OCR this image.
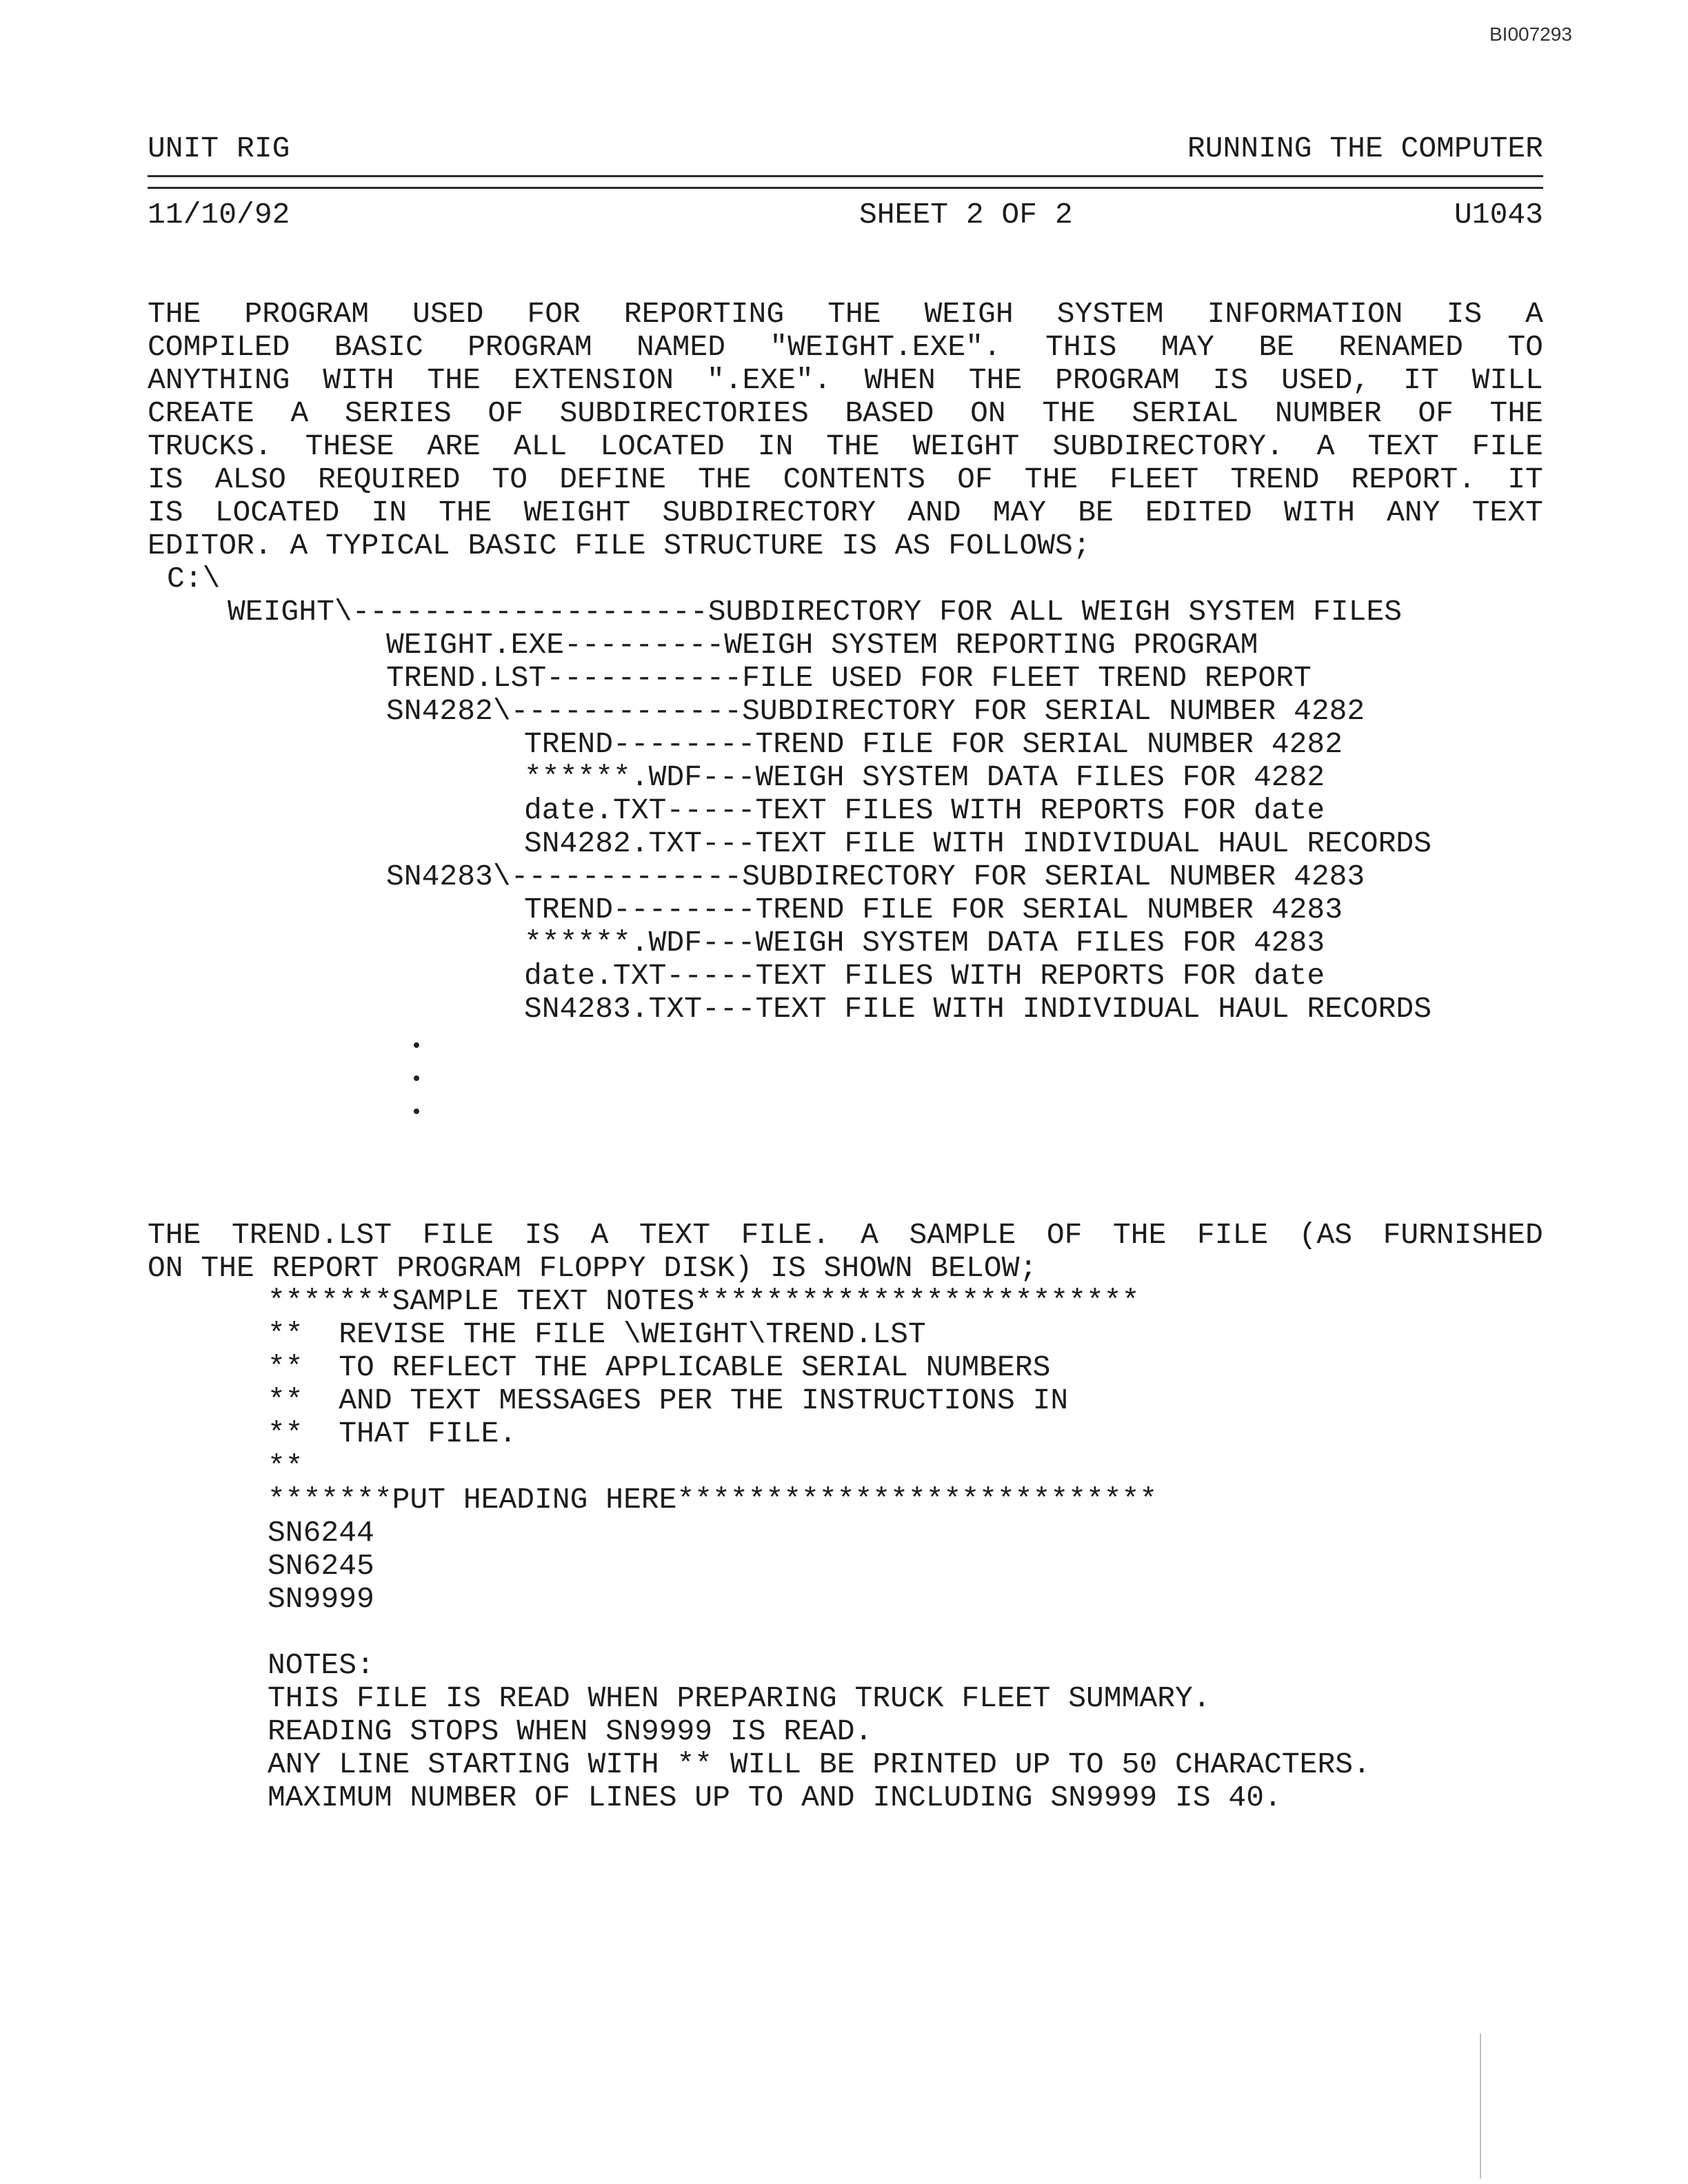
BI007293
UNIT RIG	RUNNING THE COMPUTER
11/10/92	SHEET 2 OF 2	U1043
THE PROGRAM USED FOR REPORTING THE WEIGH SYSTEM INFORMATION IS A
COMPILED BASIC PROGRAM NAMED "WEIGHT.EXE". THIS MAY BE RENAMED TO
ANYTHING WITH THE EXTENSION ".EXE". WHEN THE PROGRAM IS USED, IT WILL
CREATE A SERIES OF SUBDIRECTORIES BASED ON THE SERIAL NUMBER OF THE
TRUCKS. THESE ARE ALL LOCATED IN THE WEIGHT SUBDIRECTORY. A TEXT FILE
IS ALSO REQUIRED TO DEFINE THE CONTENTS OF THE FLEET TREND REPORT. IT
IS LOCATED IN THE WEIGHT SUBDIRECTORY AND MAY BE EDITED WITH ANY TEXT
EDITOR. A TYPICAL BASIC FILE STRUCTURE IS AS FOLLOWS;
C:\
WEIGHT\--------------------SUBDIRECTORY FOR ALL WEIGH SYSTEM FILES
WEIGHT.EXE---------WEIGH SYSTEM REPORTING PROGRAM
TREND.LST-----------FILE USED FOR FLEET TREND REPORT
SN4282\-------------SUBDIRECTORY FOR SERIAL NUMBER 4282
TREND--------TREND FILE FOR SERIAL NUMBER 4282
******.WDF---WEIGH SYSTEM DATA FILES FOR 4282
date.TXT-----TEXT FILES WITH REPORTS FOR date
SN4282.TXT---TEXT FILE WITH INDIVIDUAL HAUL RECORDS
SN4283\-------------SUBDIRECTORY FOR SERIAL NUMBER 4283
TREND--------TREND FILE FOR SERIAL NUMBER 4283
******.WDF---WEIGH SYSTEM DATA FILES FOR 4283
date.TXT-----TEXT FILES WITH REPORTS FOR date
SN4283.TXT---TEXT FILE WITH INDIVIDUAL HAUL RECORDS
THE TREND.LST FILE IS A TEXT FILE. A SAMPLE OF THE FILE (AS FURNISHED
ON THE REPORT PROGRAM FLOPPY DISK) IS SHOWN BELOW;
*******SAMPLE TEXT NOTES*************************
**  REVISE THE FILE \WEIGHT\TREND.LST
**  TO REFLECT THE APPLICABLE SERIAL NUMBERS
**  AND TEXT MESSAGES PER THE INSTRUCTIONS IN
**  THAT FILE.
**
*******PUT HEADING HERE***************************
SN6244
SN6245
SN9999
NOTES:
THIS FILE IS READ WHEN PREPARING TRUCK FLEET SUMMARY.
READING STOPS WHEN SN9999 IS READ.
ANY LINE STARTING WITH ** WILL BE PRINTED UP TO 50 CHARACTERS.
MAXIMUM NUMBER OF LINES UP TO AND INCLUDING SN9999 IS 40.
